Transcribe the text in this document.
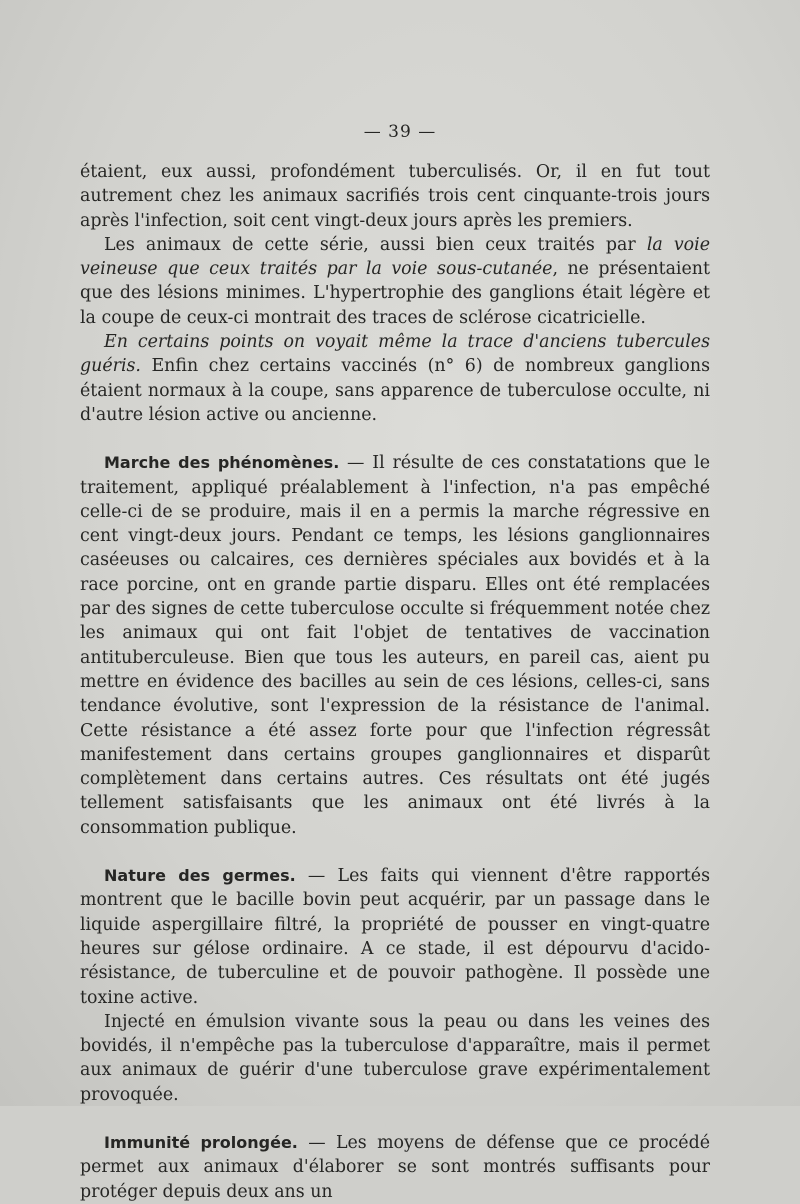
— 39 —

étaient, eux aussi, profondément tuberculisés. Or, il en fut tout autrement chez les animaux sacrifiés trois cent cinquante-trois jours après l'infection, soit cent vingt-deux jours après les premiers.

Les animaux de cette série, aussi bien ceux traités par la voie veineuse que ceux traités par la voie sous-cutanée, ne présentaient que des lésions minimes. L'hypertrophie des ganglions était légère et la coupe de ceux-ci montrait des traces de sclérose cicatricielle.

En certains points on voyait même la trace d'anciens tubercules guéris. Enfin chez certains vaccinés (n° 6) de nombreux ganglions étaient normaux à la coupe, sans apparence de tuberculose occulte, ni d'autre lésion active ou ancienne.

Marche des phénomènes. — Il résulte de ces constatations que le traitement, appliqué préalablement à l'infection, n'a pas empêché celle-ci de se produire, mais il en a permis la marche régressive en cent vingt-deux jours. Pendant ce temps, les lésions ganglionnaires caséeuses ou calcaires, ces dernières spéciales aux bovidés et à la race porcine, ont en grande partie disparu. Elles ont été remplacées par des signes de cette tuberculose occulte si fréquemment notée chez les animaux qui ont fait l'objet de tentatives de vaccination antituberculeuse. Bien que tous les auteurs, en pareil cas, aient pu mettre en évidence des bacilles au sein de ces lésions, celles-ci, sans tendance évolutive, sont l'expression de la résistance de l'animal. Cette résistance a été assez forte pour que l'infection régressât manifestement dans certains groupes ganglionnaires et disparût complètement dans certains autres. Ces résultats ont été jugés tellement satisfaisants que les animaux ont été livrés à la consommation publique.

Nature des germes. — Les faits qui viennent d'être rapportés montrent que le bacille bovin peut acquérir, par un passage dans le liquide aspergillaire filtré, la propriété de pousser en vingt-quatre heures sur gélose ordinaire. A ce stade, il est dépourvu d'acido-résistance, de tuberculine et de pouvoir pathogène. Il possède une toxine active.

Injecté en émulsion vivante sous la peau ou dans les veines des bovidés, il n'empêche pas la tuberculose d'apparaître, mais il permet aux animaux de guérir d'une tuberculose grave expérimentalement provoquée.

Immunité prolongée. — Les moyens de défense que ce procédé permet aux animaux d'élaborer se sont montrés suffisants pour protéger depuis deux ans un
